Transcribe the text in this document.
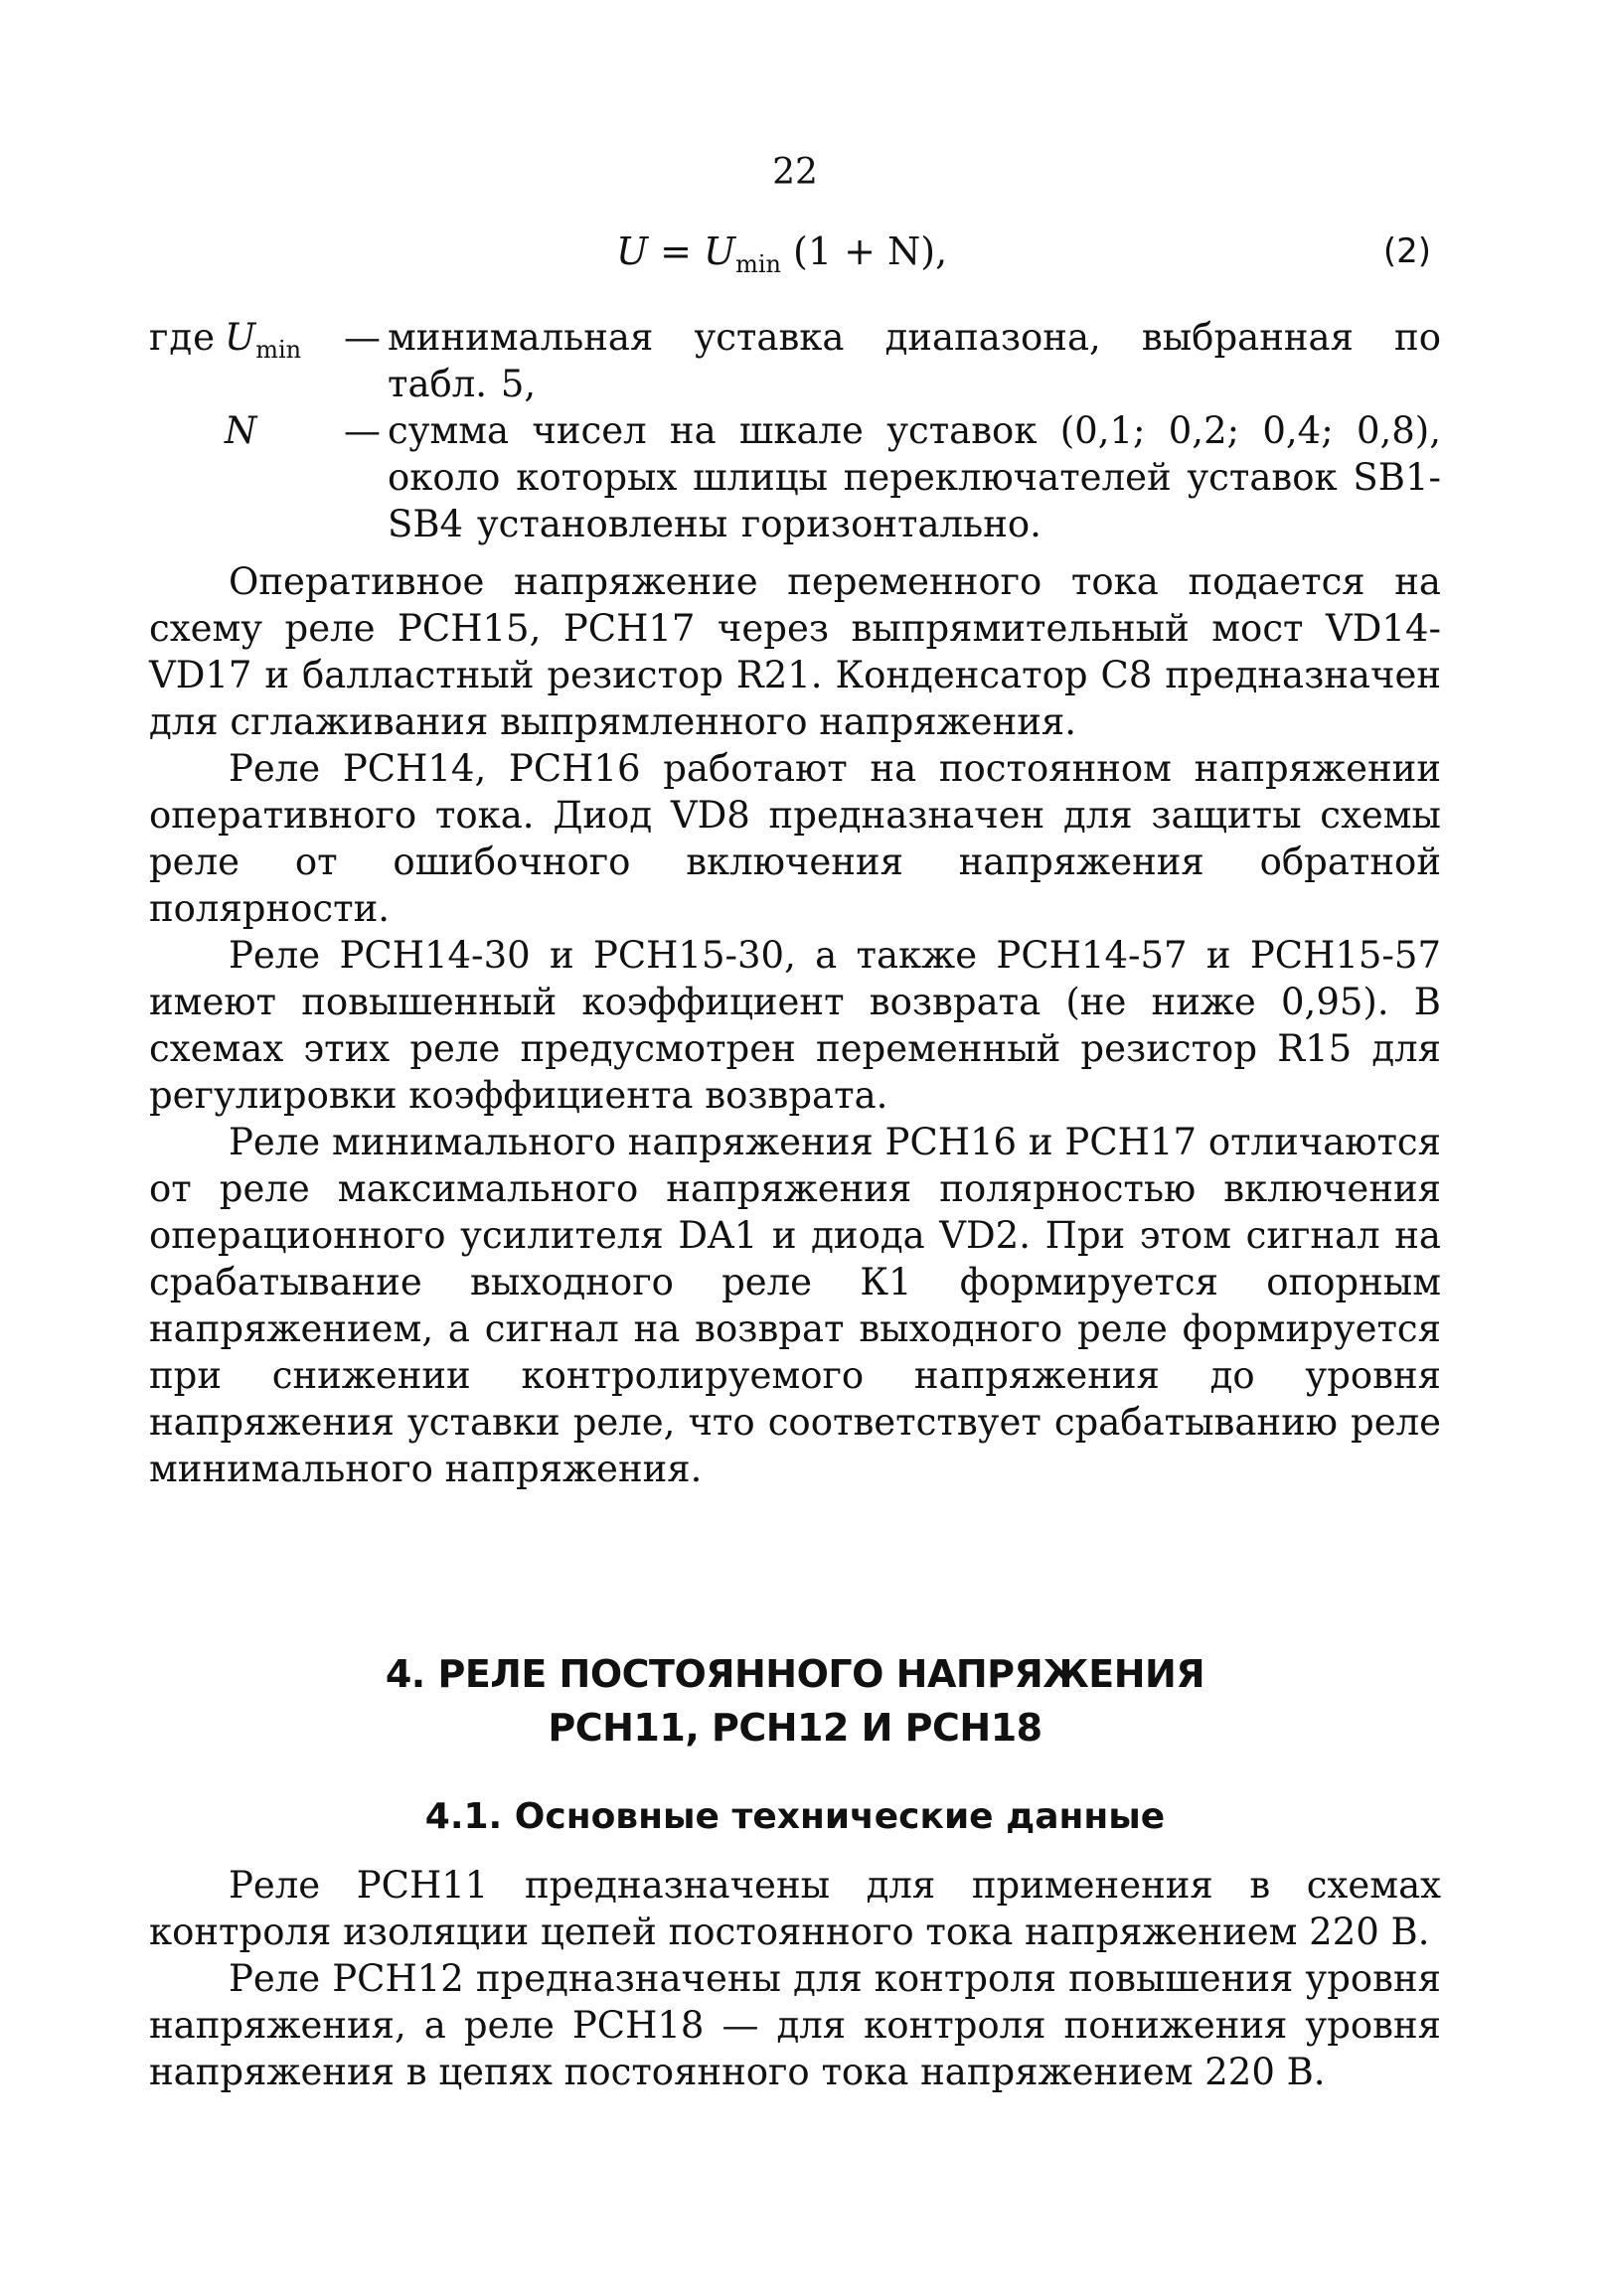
22
$U = U_{min}$ (1 + N),	(2)
где $U_{min}$	— минимальная уставка диапазона, выбранная по табл. 5,
N	— сумма чисел на шкале уставок (0,1; 0,2; 0,4; 0,8), около которых шлицы переключателей уставок SB1-SB4 установлены горизонтально.

Оперативное напряжение переменного тока подается на схему реле РСН15, РСН17 через выпрямительный мост VD14-VD17 и балластный резистор R21. Конденсатор С8 предназначен для сглаживания выпрямленного напряжения.

Реле РСН14, РСН16 работают на постоянном напряжении оперативного тока. Диод VD8 предназначен для защиты схемы реле от ошибочного включения напряжения обратной полярности.

Реле РСН14-30 и РСН15-30, а также РСН14-57 и РСН15-57 имеют повышенный коэффициент возврата (не ниже 0,95). В схемах этих реле предусмотрен переменный резистор R15 для регулировки коэффициента возврата.

Реле минимального напряжения РСН16 и РСН17 отличаются от реле максимального напряжения полярностью включения операционного усилителя DA1 и диода VD2. При этом сигнал на срабатывание выходного реле К1 формируется опорным напряжением, а сигнал на возврат выходного реле формируется при снижении контролируемого напряжения до уровня напряжения уставки реле, что соответствует срабатыванию реле минимального напряжения.

4. РЕЛЕ ПОСТОЯННОГО НАПРЯЖЕНИЯ
РСН11, РСН12 И РСН18
4.1. Основные технические данные

Реле РСН11 предназначены для применения в схемах контроля изоляции цепей постоянного тока напряжением 220 В.

Реле РСН12 предназначены для контроля повышения уровня напряжения, а реле РСН18 — для контроля понижения уровня напряжения в цепях постоянного тока напряжением 220 В.
